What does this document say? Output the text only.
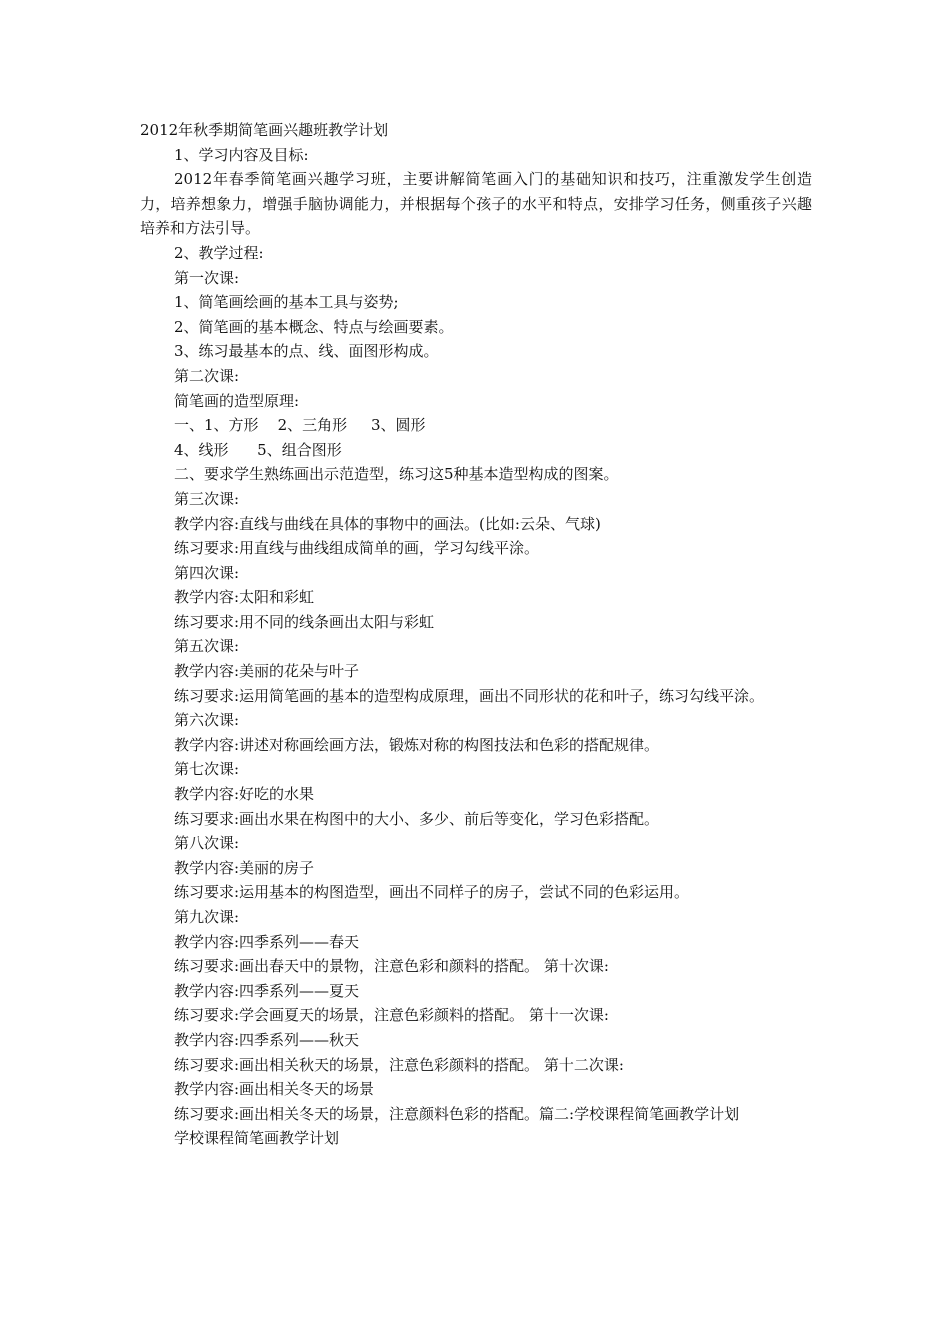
2012年秋季期简笔画兴趣班教学计划
1、学习内容及目标:
2012年春季简笔画兴趣学习班，主要讲解简笔画入门的基础知识和技巧，注重激发学生创造力，培养想象力，增强手脑协调能力，并根据每个孩子的水平和特点，安排学习任务，侧重孩子兴趣培养和方法引导。
2、教学过程:
第一次课:
1、简笔画绘画的基本工具与姿势;
2、简笔画的基本概念、特点与绘画要素。
3、练习最基本的点、线、面图形构成。
第二次课:
简笔画的造型原理:
一、1、方形    2、三角形     3、圆形
4、线形      5、组合图形
二、要求学生熟练画出示范造型，练习这5种基本造型构成的图案。
第三次课:
教学内容:直线与曲线在具体的事物中的画法。(比如:云朵、气球)
练习要求:用直线与曲线组成简单的画，学习勾线平涂。
第四次课:
教学内容:太阳和彩虹
练习要求:用不同的线条画出太阳与彩虹
第五次课:
教学内容:美丽的花朵与叶子
练习要求:运用简笔画的基本的造型构成原理，画出不同形状的花和叶子，练习勾线平涂。
第六次课:
教学内容:讲述对称画绘画方法，锻炼对称的构图技法和色彩的搭配规律。
第七次课:
教学内容:好吃的水果
练习要求:画出水果在构图中的大小、多少、前后等变化，学习色彩搭配。
第八次课:
教学内容:美丽的房子
练习要求:运用基本的构图造型，画出不同样子的房子，尝试不同的色彩运用。
第九次课:
教学内容:四季系列——春天
练习要求:画出春天中的景物，注意色彩和颜料的搭配。 第十次课:
教学内容:四季系列——夏天
练习要求:学会画夏天的场景，注意色彩颜料的搭配。 第十一次课:
教学内容:四季系列——秋天
练习要求:画出相关秋天的场景，注意色彩颜料的搭配。 第十二次课:
教学内容:画出相关冬天的场景
练习要求:画出相关冬天的场景，注意颜料色彩的搭配。篇二:学校课程简笔画教学计划
学校课程简笔画教学计划
